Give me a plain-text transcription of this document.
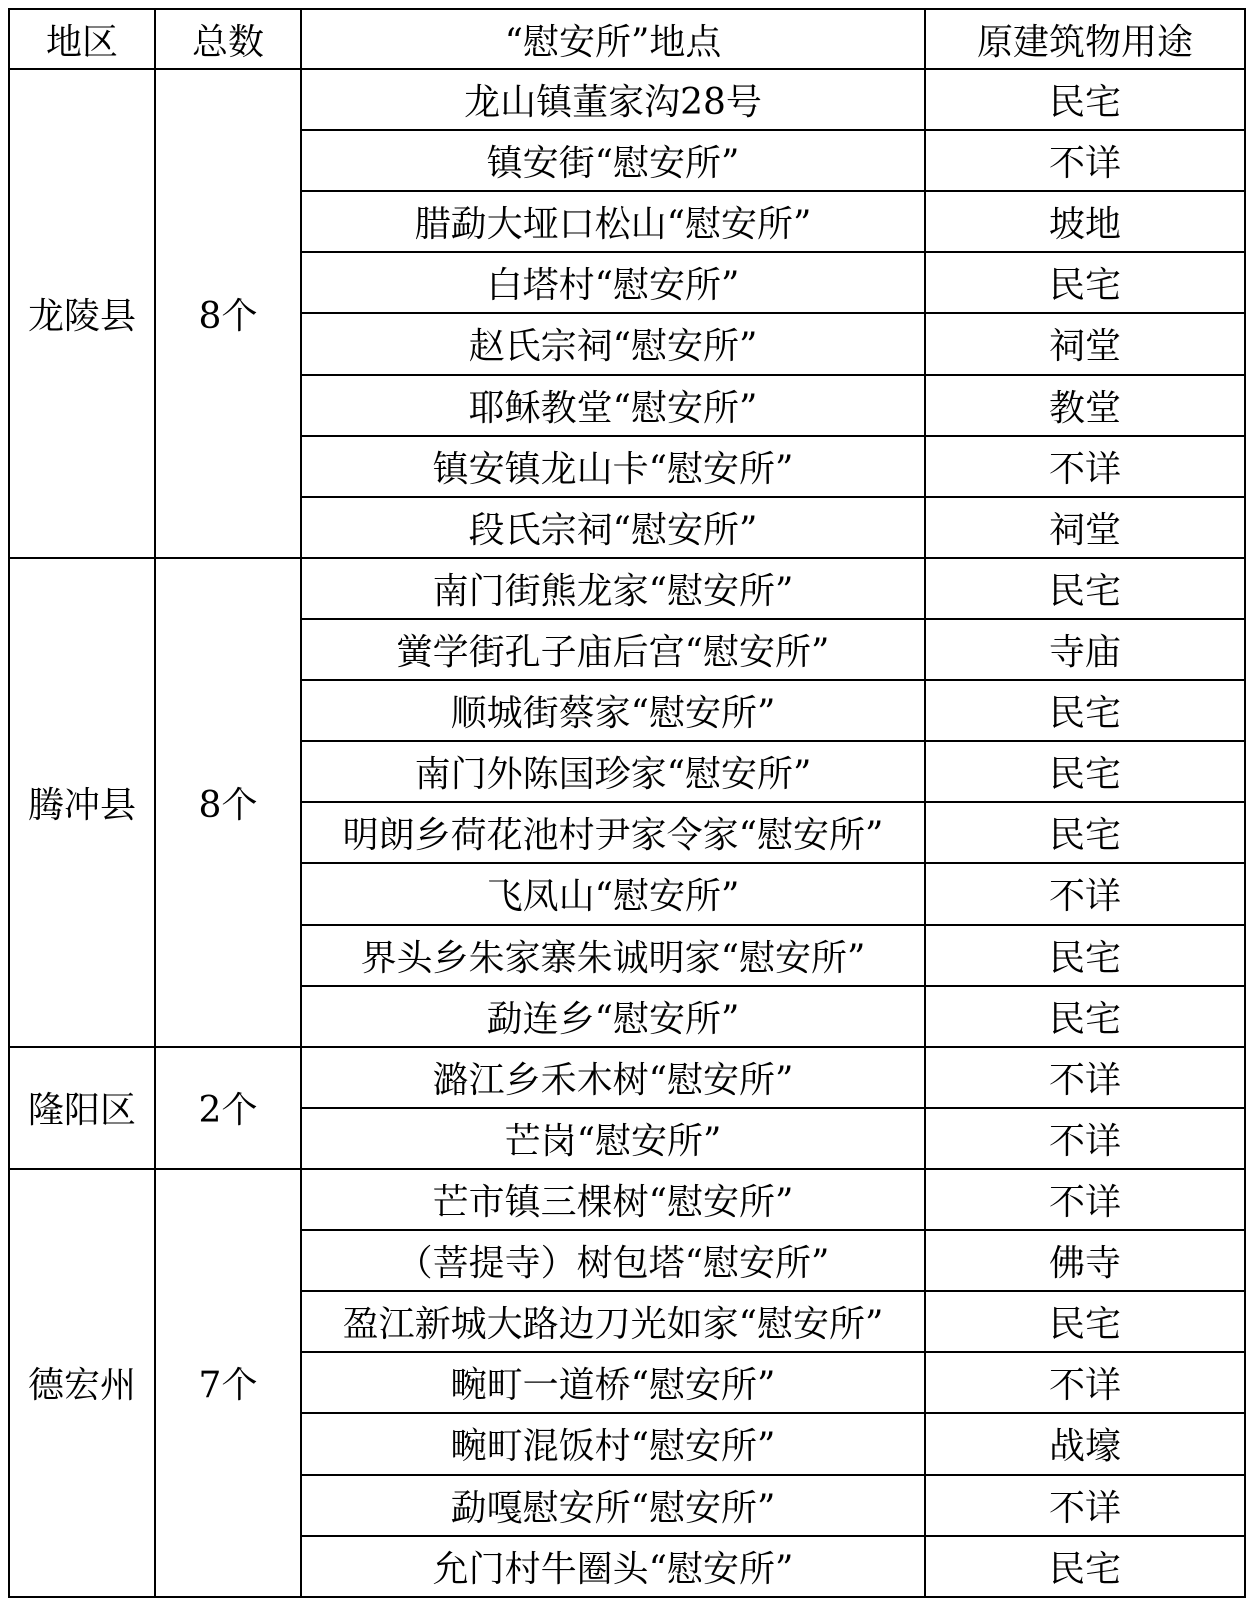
地区	总数	“慰安所”地点	原建筑物用途
龙陵县	8个	龙山镇董家沟28号	民宅
		镇安街“慰安所”	不详
		腊勐大垭口松山“慰安所”	坡地
		白塔村“慰安所”	民宅
		赵氏宗祠“慰安所”	祠堂
		耶稣教堂“慰安所”	教堂
		镇安镇龙山卡“慰安所”	不详
		段氏宗祠“慰安所”	祠堂
腾冲县	8个	南门街熊龙家“慰安所”	民宅
		黉学街孔子庙后宫“慰安所”	寺庙
		顺城街蔡家“慰安所”	民宅
		南门外陈国珍家“慰安所”	民宅
		明朗乡荷花池村尹家令家“慰安所”	民宅
		飞凤山“慰安所”	不详
		界头乡朱家寨朱诚明家“慰安所”	民宅
		勐连乡“慰安所”	民宅
隆阳区	2个	潞江乡禾木树“慰安所”	不详
		芒岗“慰安所”	不详
德宏州	7个	芒市镇三棵树“慰安所”	不详
		（菩提寺）树包塔“慰安所”	佛寺
		盈江新城大路边刀光如家“慰安所”	民宅
		畹町一道桥“慰安所”	不详
		畹町混饭村“慰安所”	战壕
		勐嘎慰安所“慰安所”	不详
		允门村牛圈头“慰安所”	民宅
